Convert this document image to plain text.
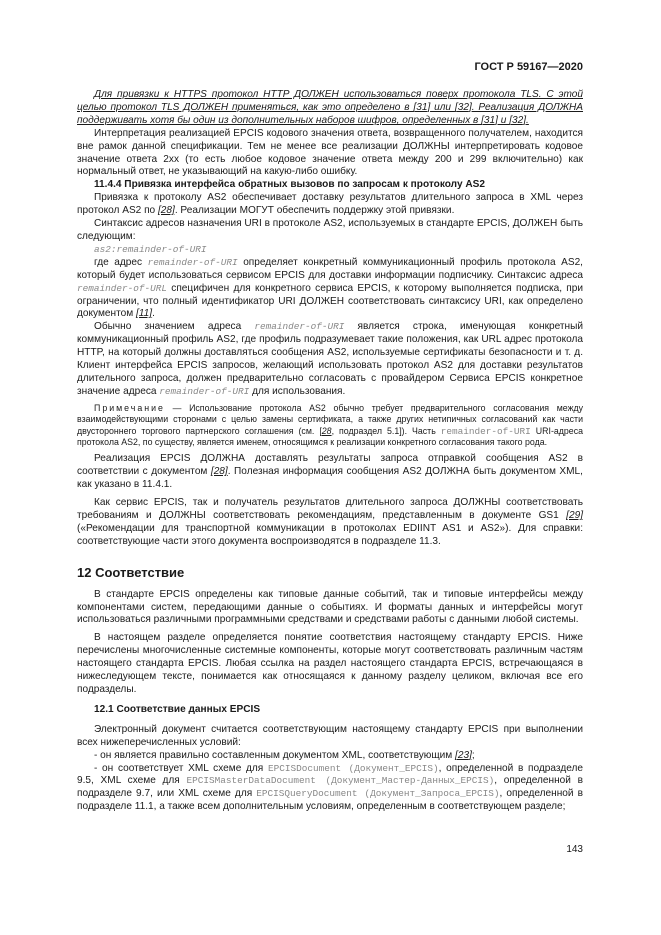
ГОСТ Р 59167—2020

Для привязки к HTTPS протокол HTTP ДОЛЖЕН использоваться поверх протокола TLS. С этой целью протокол TLS ДОЛЖЕН применяться, как это определено в [31] или [32]. Реализация ДОЛЖНА поддерживать хотя бы один из дополнительных наборов шифров, определенных в [31] и [32].

Интерпретация реализацией EPCIS кодового значения ответа, возвращенного получателем, находится вне рамок данной спецификации. Тем не менее все реализации ДОЛЖНЫ интерпретировать кодовое значение ответа 2xx (то есть любое кодовое значение ответа между 200 и 299 включительно) как нормальный ответ, не указывающий на какую-либо ошибку.

11.4.4 Привязка интерфейса обратных вызовов по запросам к протоколу AS2

Привязка к протоколу AS2 обеспечивает доставку результатов длительного запроса в XML через протокол AS2 по [28]. Реализации МОГУТ обеспечить поддержку этой привязки.

Синтаксис адресов назначения URI в протоколе AS2, используемых в стандарте EPCIS, ДОЛЖЕН быть следующим:

as2:remainder-of-URI

где адрес remainder-of-URI определяет конкретный коммуникационный профиль протокола AS2, который будет использоваться сервисом EPCIS для доставки информации подписчику. Синтаксис адреса remainder-of-URL специфичен для конкретного сервиса EPCIS, к которому выполняется подписка, при ограничении, что полный идентификатор URI ДОЛЖЕН соответствовать синтаксису URI, как определено документом [11].

Обычно значением адреса remainder-of-URI является строка, именующая конкретный коммуникационный профиль AS2, где профиль подразумевает такие положения, как URL адрес протокола HTTP, на который должны доставляться сообщения AS2, используемые сертификаты безопасности и т. д. Клиент интерфейса EPCIS запросов, желающий использовать протокол AS2 для доставки результатов длительного запроса, должен предварительно согласовать с провайдером Сервиса EPCIS конкретное значение адреса remainder-of-URI для использования.

Примечание — Использование протокола AS2 обычно требует предварительного согласования между взаимодействующими сторонами с целью замены сертификата, а также других нетипичных согласований как части двустороннего торгового партнерского соглашения (см. [28, подраздел 5.1]). Часть remainder-of-URI URI-адреса протокола AS2, по существу, является именем, относящимся к реализации конкретного согласования такого рода.

Реализация EPCIS ДОЛЖНА доставлять результаты запроса отправкой сообщения AS2 в соответствии с документом [28]. Полезная информация сообщения AS2 ДОЛЖНА быть документом XML, как указано в 11.4.1.

Как сервис EPCIS, так и получатель результатов длительного запроса ДОЛЖНЫ соответствовать требованиям и ДОЛЖНЫ соответствовать рекомендациям, представленным в документе GS1 [29] («Рекомендации для транспортной коммуникации в протоколах EDIINT AS1 и AS2»). Для справки: соответствующие части этого документа воспроизводятся в подразделе 11.3.

12 Соответствие

В стандарте EPCIS определены как типовые данные событий, так и типовые интерфейсы между компонентами систем, передающими данные о событиях. И форматы данных и интерфейсы могут использоваться различными программными средствами и средствами работы с данными любой системы.

В настоящем разделе определяется понятие соответствия настоящему стандарту EPCIS. Ниже перечислены многочисленные системные компоненты, которые могут соответствовать различным частям настоящего стандарта EPCIS. Любая ссылка на раздел настоящего стандарта EPCIS, встречающаяся в нижеследующем тексте, понимается как относящаяся к данному разделу целиком, включая все его подразделы.

12.1 Соответствие данных EPCIS

Электронный документ считается соответствующим настоящему стандарту EPCIS при выполнении всех нижеперечисленных условий:

- он является правильно составленным документом XML, соответствующим [23];

- он соответствует XML схеме для EPCISDocument (Документ_EPCIS), определенной в подразделе 9.5, XML схеме для EPCISMasterDataDocument (Документ_Мастер-Данных_EPCIS), определенной в подразделе 9.7, или XML схеме для EPCISQueryDocument (Документ_Запроса_EPCIS), определенной в подразделе 11.1, а также всем дополнительным условиям, определенным в соответствующем разделе;

143
